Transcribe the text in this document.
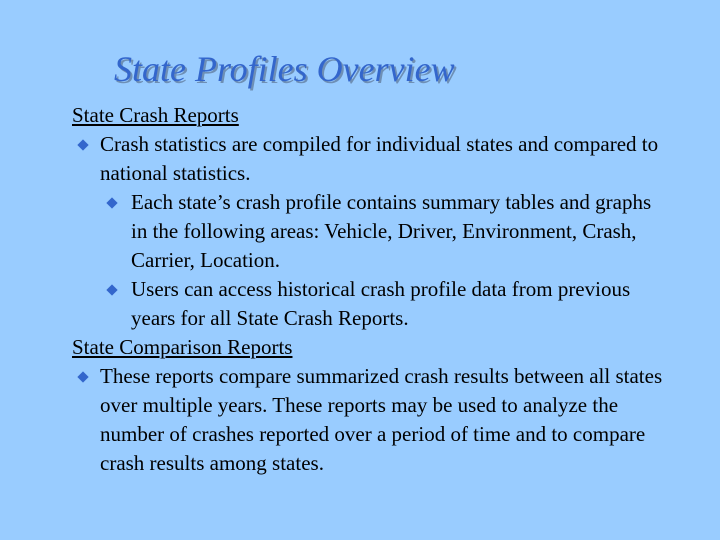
State Profiles Overview
State Crash Reports
Crash statistics are compiled for individual states and compared to national statistics.
Each state’s crash profile contains summary tables and graphs in the following areas: Vehicle, Driver, Environment, Crash, Carrier, Location.
Users can access historical crash profile data from previous years for all State Crash Reports.
State Comparison Reports
These reports compare summarized crash results between all states over multiple years. These reports may be used to analyze the number of crashes reported over a period of time and to compare crash results among states.
